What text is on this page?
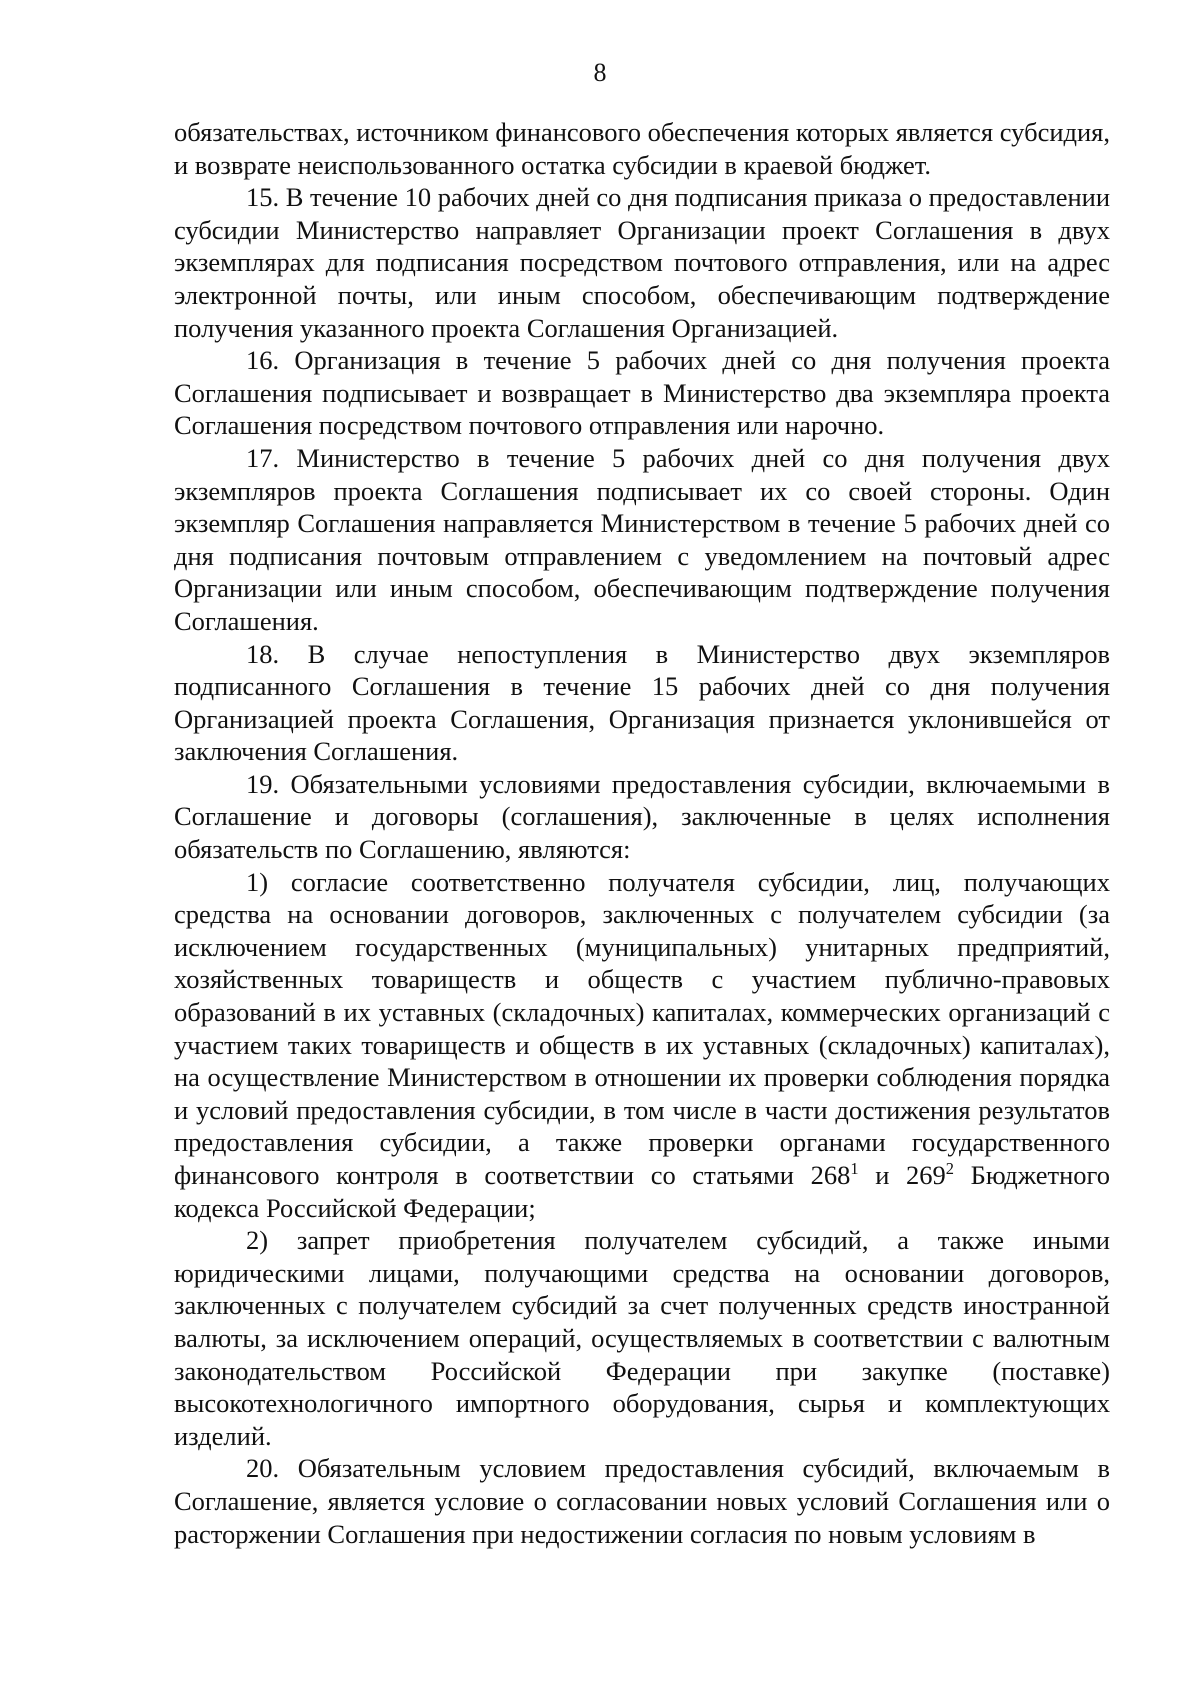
8

обязательствах, источником финансового обеспечения которых является субсидия, и возврате неиспользованного остатка субсидии в краевой бюджет.

15. В течение 10 рабочих дней со дня подписания приказа о предоставлении субсидии Министерство направляет Организации проект Соглашения в двух экземплярах для подписания посредством почтового отправления, или на адрес электронной почты, или иным способом, обеспечивающим подтверждение получения указанного проекта Соглашения Организацией.

16. Организация в течение 5 рабочих дней со дня получения проекта Соглашения подписывает и возвращает в Министерство два экземпляра проекта Соглашения посредством почтового отправления или нарочно.

17. Министерство в течение 5 рабочих дней со дня получения двух экземпляров проекта Соглашения подписывает их со своей стороны. Один экземпляр Соглашения направляется Министерством в течение 5 рабочих дней со дня подписания почтовым отправлением с уведомлением на почтовый адрес Организации или иным способом, обеспечивающим подтверждение получения Соглашения.

18. В случае непоступления в Министерство двух экземпляров подписанного Соглашения в течение 15 рабочих дней со дня получения Организацией проекта Соглашения, Организация признается уклонившейся от заключения Соглашения.

19. Обязательными условиями предоставления субсидии, включаемыми в Соглашение и договоры (соглашения), заключенные в целях исполнения обязательств по Соглашению, являются:

1) согласие соответственно получателя субсидии, лиц, получающих средства на основании договоров, заключенных с получателем субсидии (за исключением государственных (муниципальных) унитарных предприятий, хозяйственных товариществ и обществ с участием публично-правовых образований в их уставных (складочных) капиталах, коммерческих организаций с участием таких товариществ и обществ в их уставных (складочных) капиталах), на осуществление Министерством в отношении их проверки соблюдения порядка и условий предоставления субсидии, в том числе в части достижения результатов предоставления субсидии, а также проверки органами государственного финансового контроля в соответствии со статьями $268^1$ и $269^2$ Бюджетного кодекса Российской Федерации;

2) запрет приобретения получателем субсидий, а также иными юридическими лицами, получающими средства на основании договоров, заключенных с получателем субсидий за счет полученных средств иностранной валюты, за исключением операций, осуществляемых в соответствии с валютным законодательством Российской Федерации при закупке (поставке) высокотехнологичного импортного оборудования, сырья и комплектующих изделий.

20. Обязательным условием предоставления субсидий, включаемым в Соглашение, является условие о согласовании новых условий Соглашения или о расторжении Соглашения при недостижении согласия по новым условиям в
